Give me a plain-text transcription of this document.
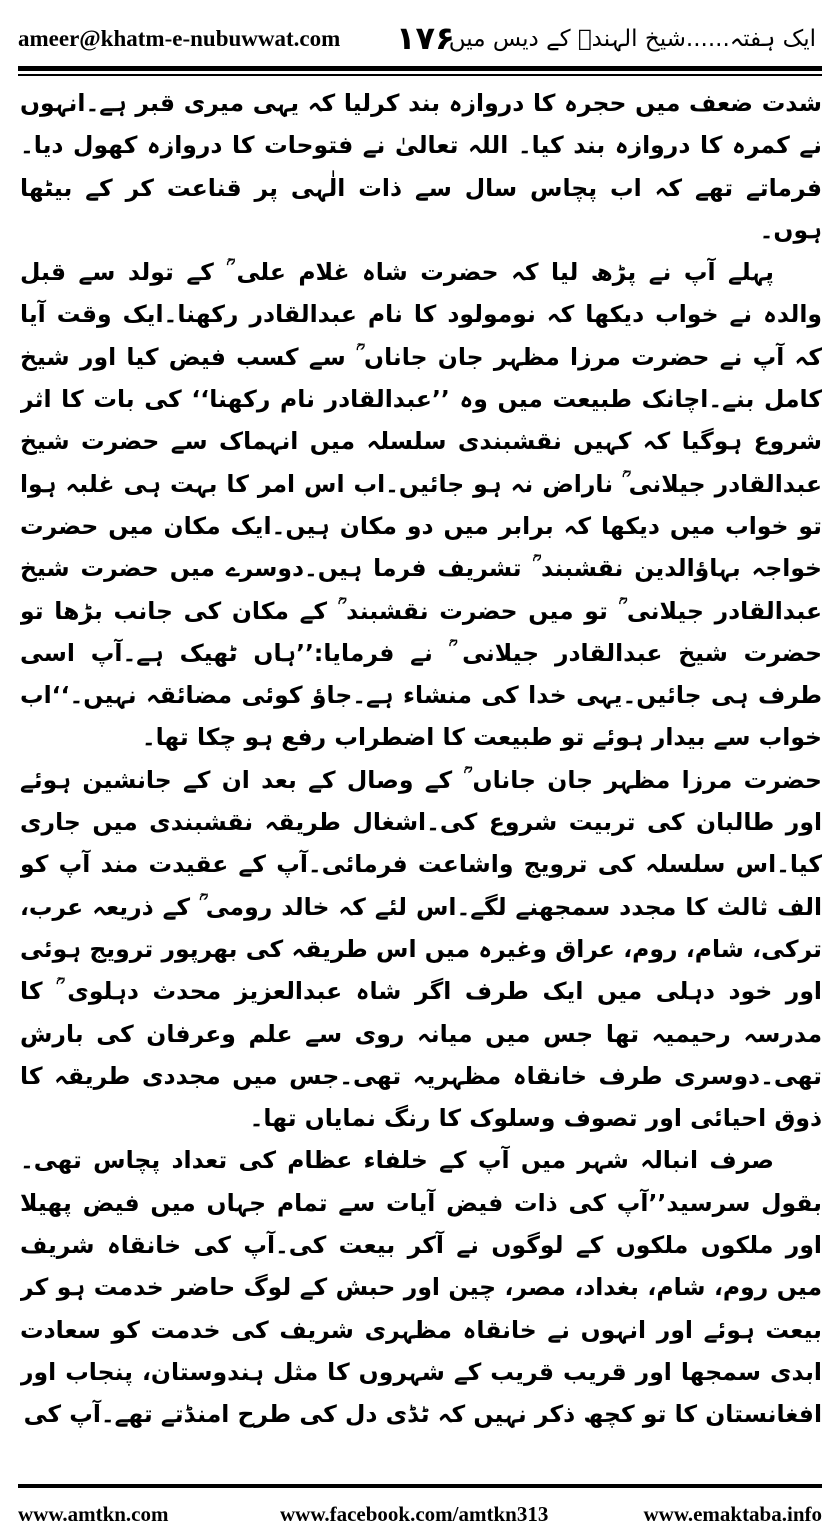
ameer@khatm-e-nubuwwat.com ۱۷۶
ایک ہفتہ......شیخ الہندؒ کے دیس میں

شدت ضعف میں حجرہ کا دروازہ بند کرلیا کہ یہی میری قبر ہے۔انہوں نے کمرہ کا دروازہ بند کیا۔ اللہ تعالیٰ نے فتوحات کا دروازہ کھول دیا۔فرماتے تھے کہ اب پچاس سال سے ذات الٰہی پر قناعت کر کے بیٹھا ہوں۔

پہلے آپ نے پڑھ لیا کہ حضرت شاہ غلام علی ؒ کے تولد سے قبل والدہ نے خواب دیکھا کہ نومولود کا نام عبدالقادر رکھنا۔ایک وقت آیا کہ آپ نے حضرت مرزا مظہر جان جاناں ؒ سے کسب فیض کیا اور شیخ کامل بنے۔اچانک طبیعت میں وہ ’’عبدالقادر نام رکھنا‘‘ کی بات کا اثر شروع ہوگیا کہ کہیں نقشبندی سلسلہ میں انہماک سے حضرت شیخ عبدالقادر جیلانی ؒ ناراض نہ ہو جائیں۔اب اس امر کا بہت ہی غلبہ ہوا تو خواب میں دیکھا کہ برابر میں دو مکان ہیں۔ایک مکان میں حضرت خواجہ بہاؤالدین نقشبند ؒ تشریف فرما ہیں۔دوسرے میں حضرت شیخ عبدالقادر جیلانی ؒ تو میں حضرت نقشبند ؒ کے مکان کی جانب بڑھا تو حضرت شیخ عبدالقادر جیلانی ؒ نے فرمایا:’’ہاں ٹھیک ہے۔آپ اسی طرف ہی جائیں۔یہی خدا کی منشاء ہے۔جاؤ کوئی مضائقہ نہیں۔‘‘اب خواب سے بیدار ہوئے تو طبیعت کا اضطراب رفع ہو چکا تھا۔

حضرت مرزا مظہر جان جاناں ؒ کے وصال کے بعد ان کے جانشین ہوئے اور طالبان کی تربیت شروع کی۔اشغال طریقہ نقشبندی میں جاری کیا۔اس سلسلہ کی ترویج واشاعت فرمائی۔آپ کے عقیدت مند آپ کو الف ثالث کا مجدد سمجھنے لگے۔اس لئے کہ خالد رومی ؒ کے ذریعہ عرب، ترکی، شام، روم، عراق وغیرہ میں اس طریقہ کی بھرپور ترویج ہوئی اور خود دہلی میں ایک طرف اگر شاہ عبدالعزیز محدث دہلوی ؒ کا مدرسہ رحیمیہ تھا جس میں میانہ روی سے علم وعرفان کی بارش تھی۔دوسری طرف خانقاہ مظہریہ تھی۔جس میں مجددی طریقہ کا ذوق احیائی اور تصوف وسلوک کا رنگ نمایاں تھا۔

صرف انبالہ شہر میں آپ کے خلفاء عظام کی تعداد پچاس تھی۔بقول سرسید’’آپ کی ذات فیض آیات سے تمام جہاں میں فیض پھیلا اور ملکوں ملکوں کے لوگوں نے آکر بیعت کی۔آپ کی خانقاہ شریف میں روم، شام، بغداد، مصر، چین اور حبش کے لوگ حاضر خدمت ہو کر بیعت ہوئے اور انہوں نے خانقاہ مظہری شریف کی خدمت کو سعادت ابدی سمجھا اور قریب قریب کے شہروں کا مثل ہندوستان، پنجاب اور افغانستان کا تو کچھ ذکر نہیں کہ ٹڈی دل کی طرح امنڈتے تھے۔آپ کی

www.amtkn.com	www.facebook.com/amtkn313	www.emaktaba.info
